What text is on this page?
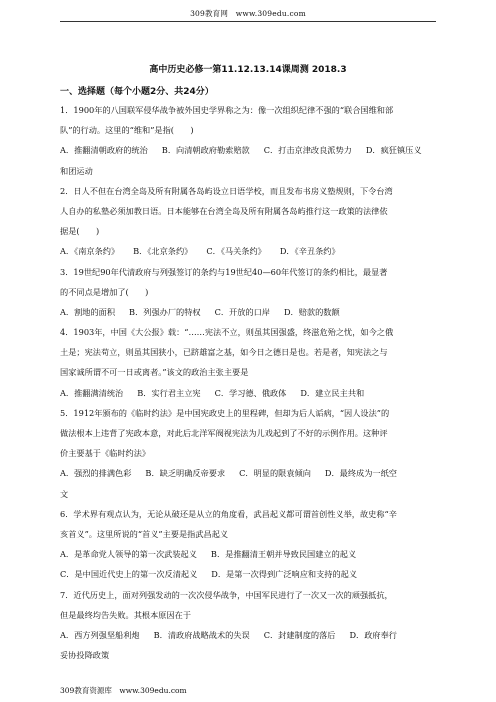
309教育网　www.309edu.com
高中历史必修一第11.12.13.14课周测 2018.3
一、选择题（每个小题2分、共24分）
1．1900年的八国联军侵华战争被外国史学界称之为：像一次组织纪律不强的“联合国维和部
队”的行动。这里的“维和”是指(　　)
A．推翻清朝政府的统治 B．向清朝政府勒索赔款 C．打击京津改良派势力 D．疯狂镇压义
和团运动
2．日人不但在台湾全岛及所有附属各岛屿设立日语学校，而且发布书房义塾规则，下令台湾
人自办的私塾必须加教日语。日本能够在台湾全岛及所有附属各岛屿推行这一政策的法律依
据是(　　)
A．《南京条约》 B．《北京条约》 C．《马关条约》 D．《辛丑条约》
3．19世纪90年代清政府与列强签订的条约与19世纪40—60年代签订的条约相比，最显著
的不同点是增加了(　　)
A．割地的面积 B．列强办厂的特权 C．开放的口岸 D．赔款的数额
4．1903年，中国《大公报》载：“……宪法不立，则虽其国强盛，终滋危殆之忧，如今之俄
土是；宪法苟立，则虽其国狭小，已跻雄富之基，如今日之德日是也。若是者，知宪法之与
国家诚所谓不可一日或离者。”该文的政治主张主要是
A．推翻满清统治 B．实行君主立宪 C．学习德、俄政体 D．建立民主共和
5．1912年颁布的《临时约法》是中国宪政史上的里程碑，但却为后人诟病，“因人设法”的
做法根本上违背了宪政本意，对此后北洋军阀视宪法为儿戏起到了不好的示例作用。这种评
价主要基于《临时约法》
A．强烈的排满色彩 B．缺乏明确反帝要求 C．明显的限袁倾向 D．最终成为一纸空
文
6．学术界有观点认为，无论从破还是从立的角度看，武昌起义都可谓首创性义举，故史称“辛
亥首义”。这里所说的“首义”主要是指武昌起义
A．是革命党人领导的第一次武装起义 B．是推翻清王朝并导致民国建立的起义
C．是中国近代史上的第一次反清起义 D．是第一次得到广泛响应和支持的起义
7．近代历史上，面对列强发动的一次次侵华战争，中国军民进行了一次又一次的顽强抵抗，
但是最终均告失败。其根本原因在于
A．西方列强坚船利炮 B．清政府战略战术的失误 C．封建制度的落后 D．政府奉行
妥协投降政策
309教育资源库　www.309edu.com
